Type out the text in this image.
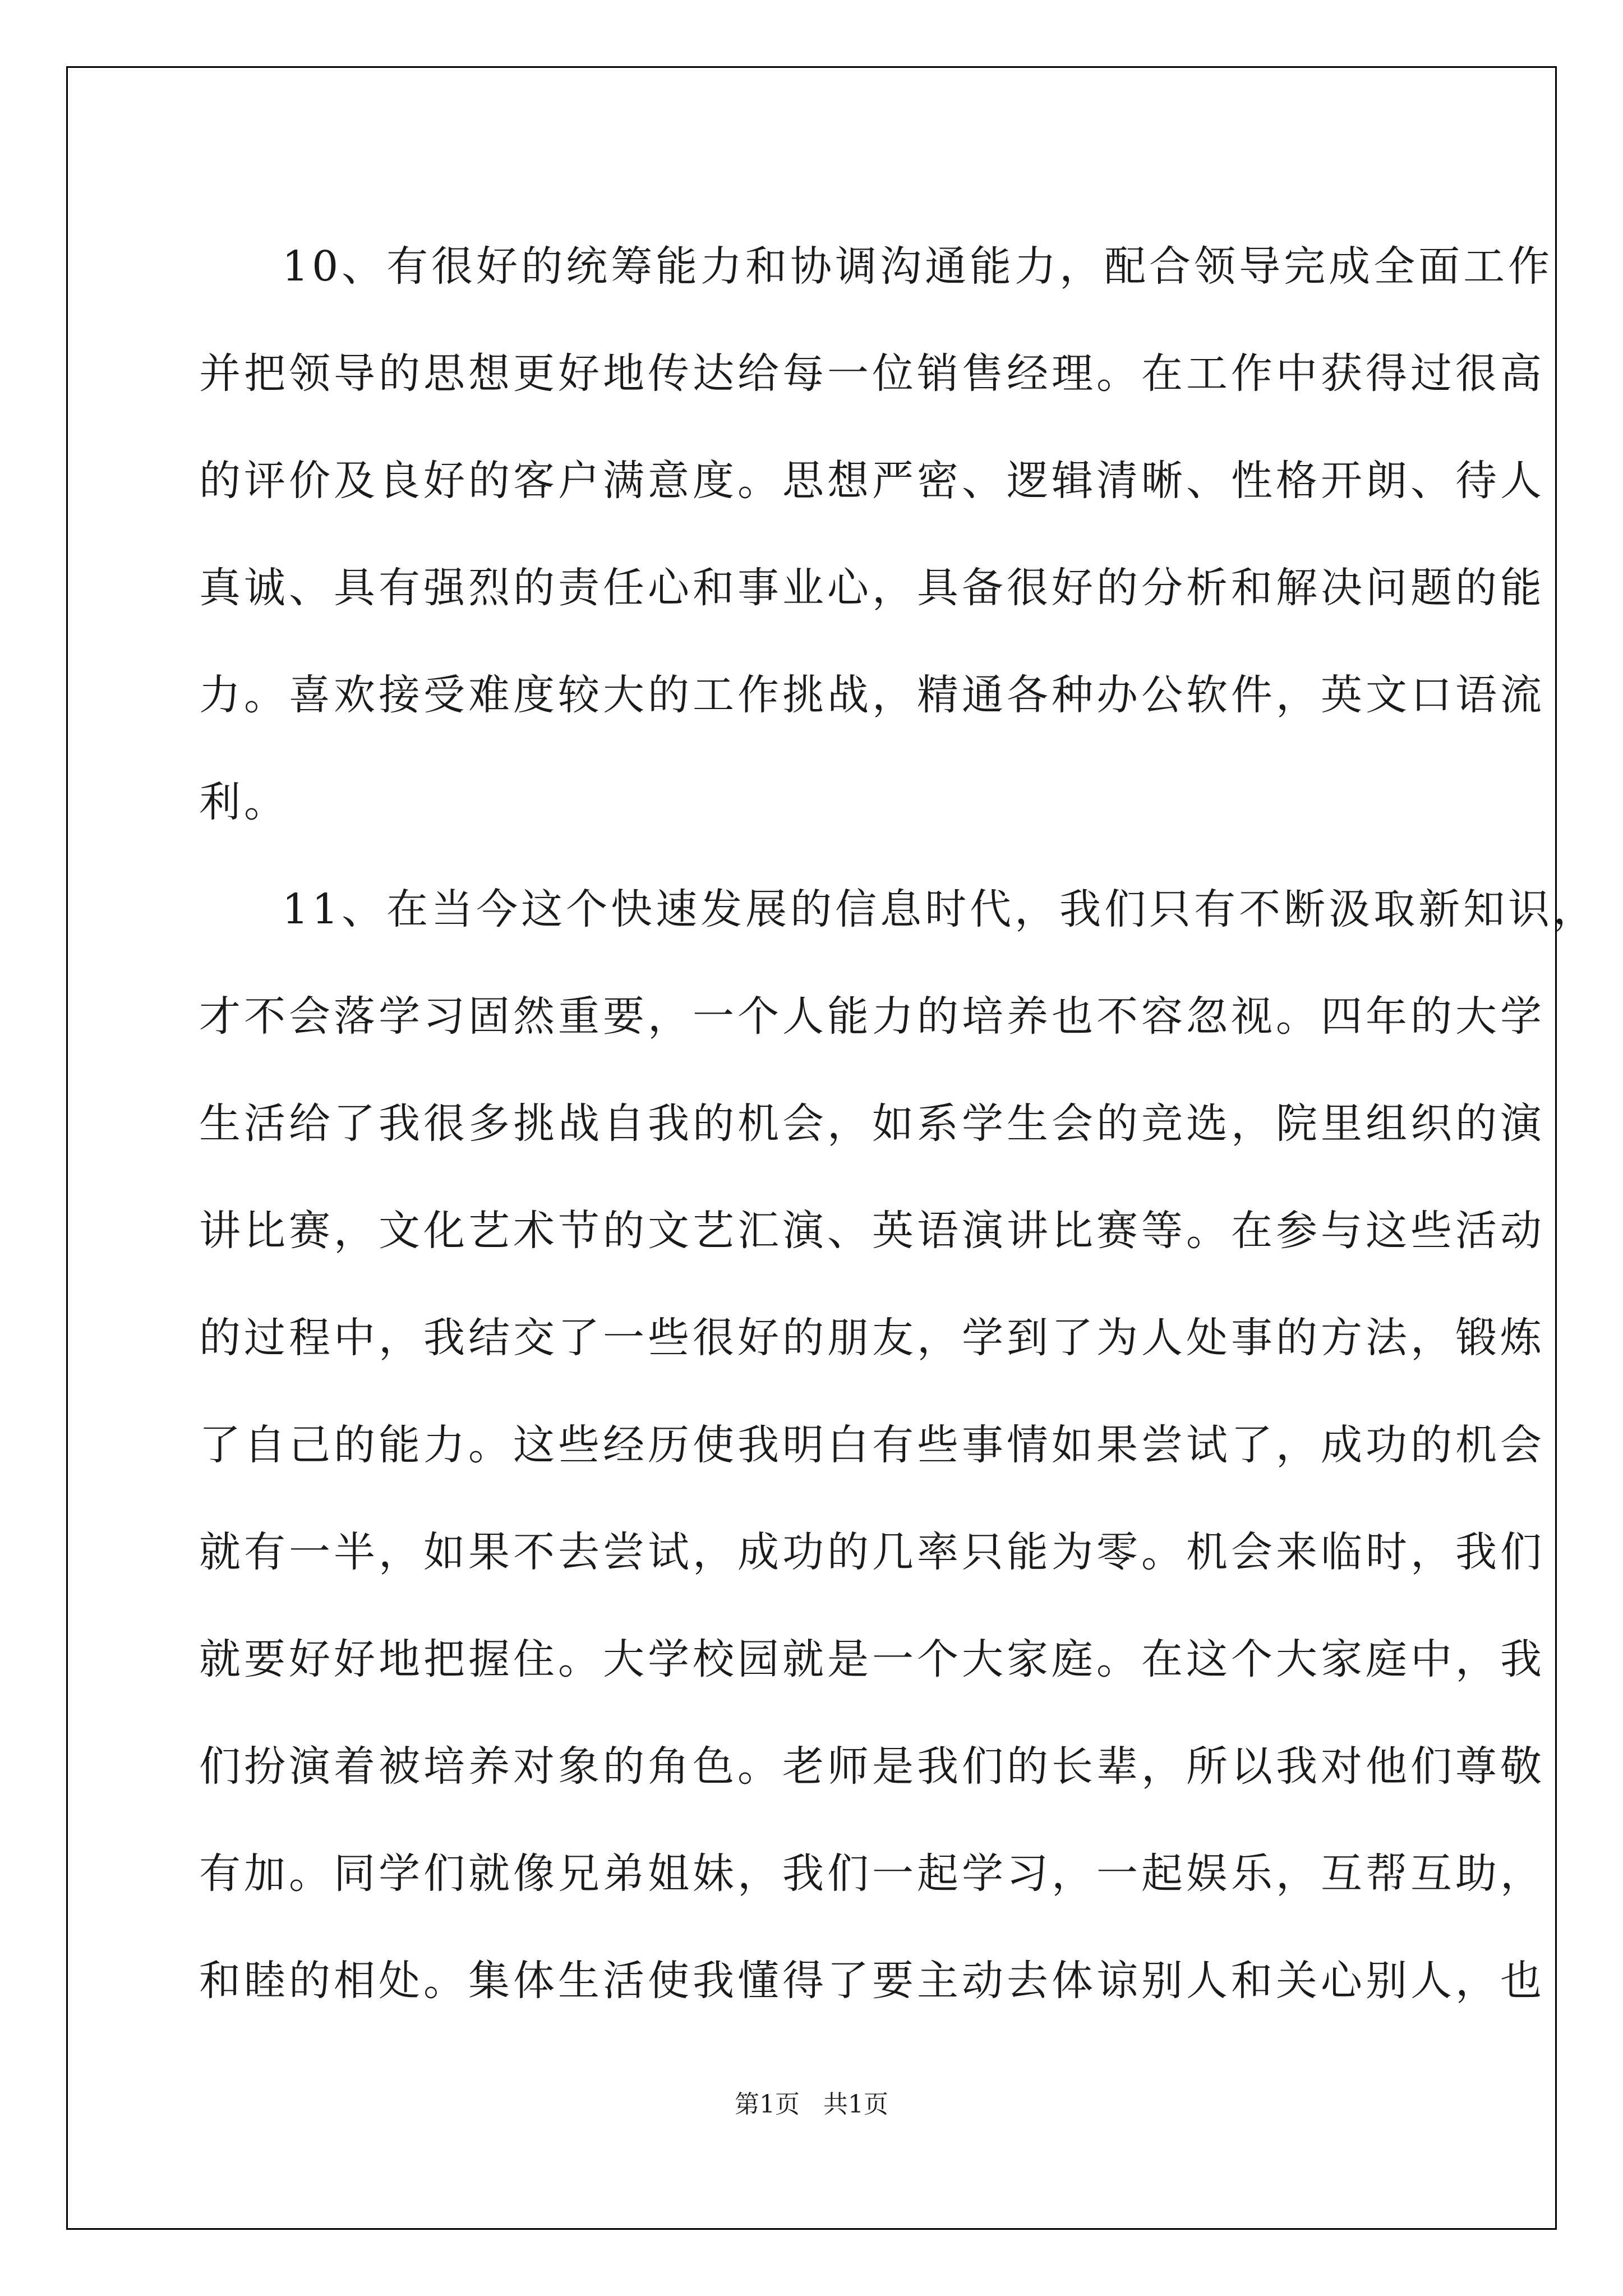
10、有很好的统筹能力和协调沟通能力，配合领导完成全面工作
并把领导的思想更好地传达给每一位销售经理。在工作中获得过很高
的评价及良好的客户满意度。思想严密、逻辑清晰、性格开朗、待人
真诚、具有强烈的责任心和事业心，具备很好的分析和解决问题的能
力。喜欢接受难度较大的工作挑战，精通各种办公软件，英文口语流
利。

11、在当今这个快速发展的信息时代，我们只有不断汲取新知识，
才不会落学习固然重要，一个人能力的培养也不容忽视。四年的大学
生活给了我很多挑战自我的机会，如系学生会的竞选，院里组织的演
讲比赛，文化艺术节的文艺汇演、英语演讲比赛等。在参与这些活动
的过程中，我结交了一些很好的朋友，学到了为人处事的方法，锻炼
了自己的能力。这些经历使我明白有些事情如果尝试了，成功的机会
就有一半，如果不去尝试，成功的几率只能为零。机会来临时，我们
就要好好地把握住。大学校园就是一个大家庭。在这个大家庭中，我
们扮演着被培养对象的角色。老师是我们的长辈，所以我对他们尊敬
有加。同学们就像兄弟姐妹，我们一起学习，一起娱乐，互帮互助，
和睦的相处。集体生活使我懂得了要主动去体谅别人和关心别人，也

第1页   共1页
